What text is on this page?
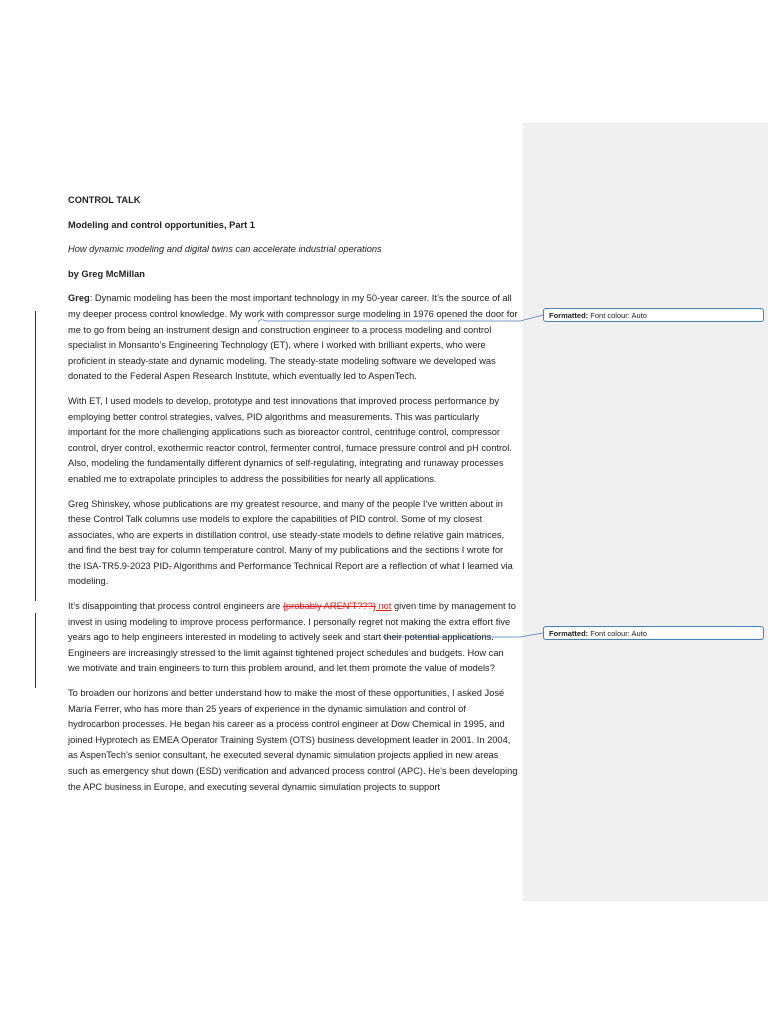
Formatted: Font colour: Auto
Formatted: Font colour: Auto

CONTROL TALK

Modeling and control opportunities, Part 1

How dynamic modeling and digital twins can accelerate industrial operations

by Greg McMillan

Greg: Dynamic modeling has been the most important technology in my 50-year career. It’s the source of all my deeper process control knowledge. My work with compressor surge modeling in 1976 opened the door for me to go from being an instrument design and construction engineer to a process modeling and control specialist in Monsanto’s Engineering Technology (ET), where I worked with brilliant experts, who were proficient in steady-state and dynamic modeling. The steady-state modeling software we developed was donated to the Federal Aspen Research Institute, which eventually led to AspenTech.

With ET, I used models to develop, prototype and test innovations that improved process performance by employing better control strategies, valves, PID algorithms and measurements. This was particularly important for the more challenging applications such as bioreactor control, centrifuge control, compressor control, dryer control, exothermic reactor control, fermenter control, furnace pressure control and pH control. Also, modeling the fundamentally different dynamics of self-regulating, integrating and runaway processes enabled me to extrapolate principles to address the possibilities for nearly all applications.

Greg Shinskey, whose publications are my greatest resource, and many of the people I’ve written about in these Control Talk columns use models to explore the capabilities of PID control. Some of my closest associates, who are experts in distillation control, use steady-state models to define relative gain matrices, and find the best tray for column temperature control. Many of my publications and the sections I wrote for the ISA-TR5.9-2023 PID, Algorithms and Performance Technical Report are a reflection of what I learned via modeling.

It’s disappointing that process control engineers are {probably AREN’T???} not given time by management to invest in using modeling to improve process performance. I personally regret not making the extra effort five years ago to help engineers interested in modeling to actively seek and start their potential applications. Engineers are increasingly stressed to the limit against tightened project schedules and budgets. How can we motivate and train engineers to turn this problem around, and let them promote the value of models?

To broaden our horizons and better understand how to make the most of these opportunities, I asked José María Ferrer, who has more than 25 years of experience in the dynamic simulation and control of hydrocarbon processes. He began his career as a process control engineer at Dow Chemical in 1995, and joined Hyprotech as EMEA Operator Training System (OTS) business development leader in 2001. In 2004, as AspenTech’s senior consultant, he executed several dynamic simulation projects applied in new areas such as emergency shut down (ESD) verification and advanced process control (APC). He’s been developing the APC business in Europe, and executing several dynamic simulation projects to support
